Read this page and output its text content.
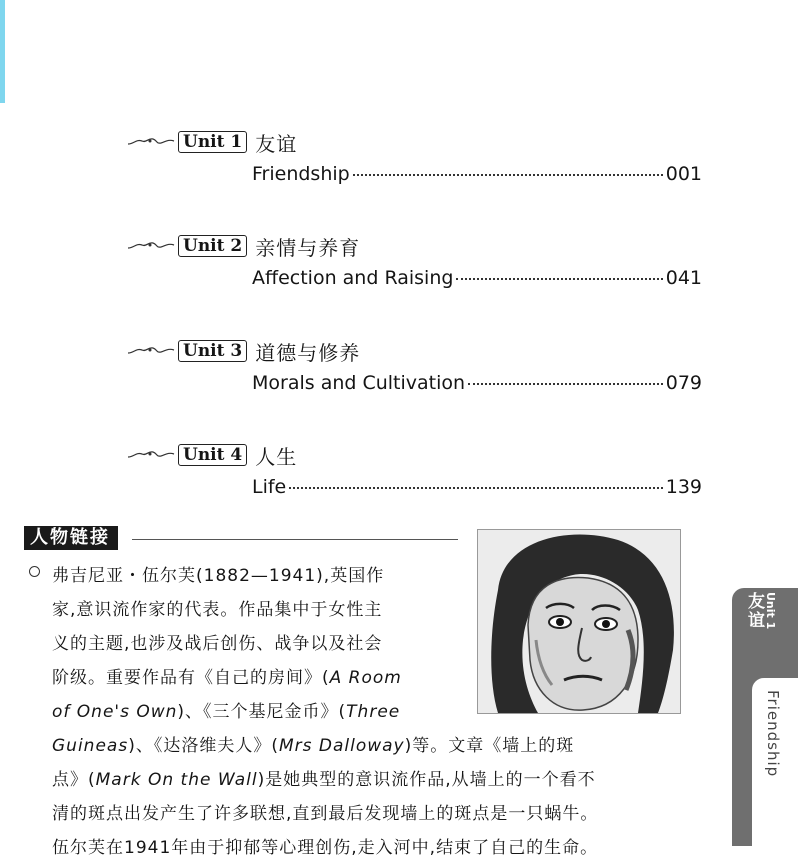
Unit 1 友谊
Friendship	001
Unit 2 亲情与养育
Affection and Raising	041
Unit 3 道德与修养
Morals and Cultivation	079
Unit 4 人生
Life	139
人物链接
弗吉尼亚・伍尔芙(1882—1941),英国作
家,意识流作家的代表。作品集中于女性主
义的主题,也涉及战后创伤、战争以及社会
阶级。重要作品有《自己的房间》(A Room
of One's Own)、《三个基尼金币》(Three
Guineas)、《达洛维夫人》(Mrs Dalloway)等。文章《墙上的斑
点》(Mark On the Wall)是她典型的意识流作品,从墙上的一个看不
清的斑点出发产生了许多联想,直到最后发现墙上的斑点是一只蜗牛。
伍尔芙在1941年由于抑郁等心理创伤,走入河中,结束了自己的生命。
Unit 1
友谊
Friendship
